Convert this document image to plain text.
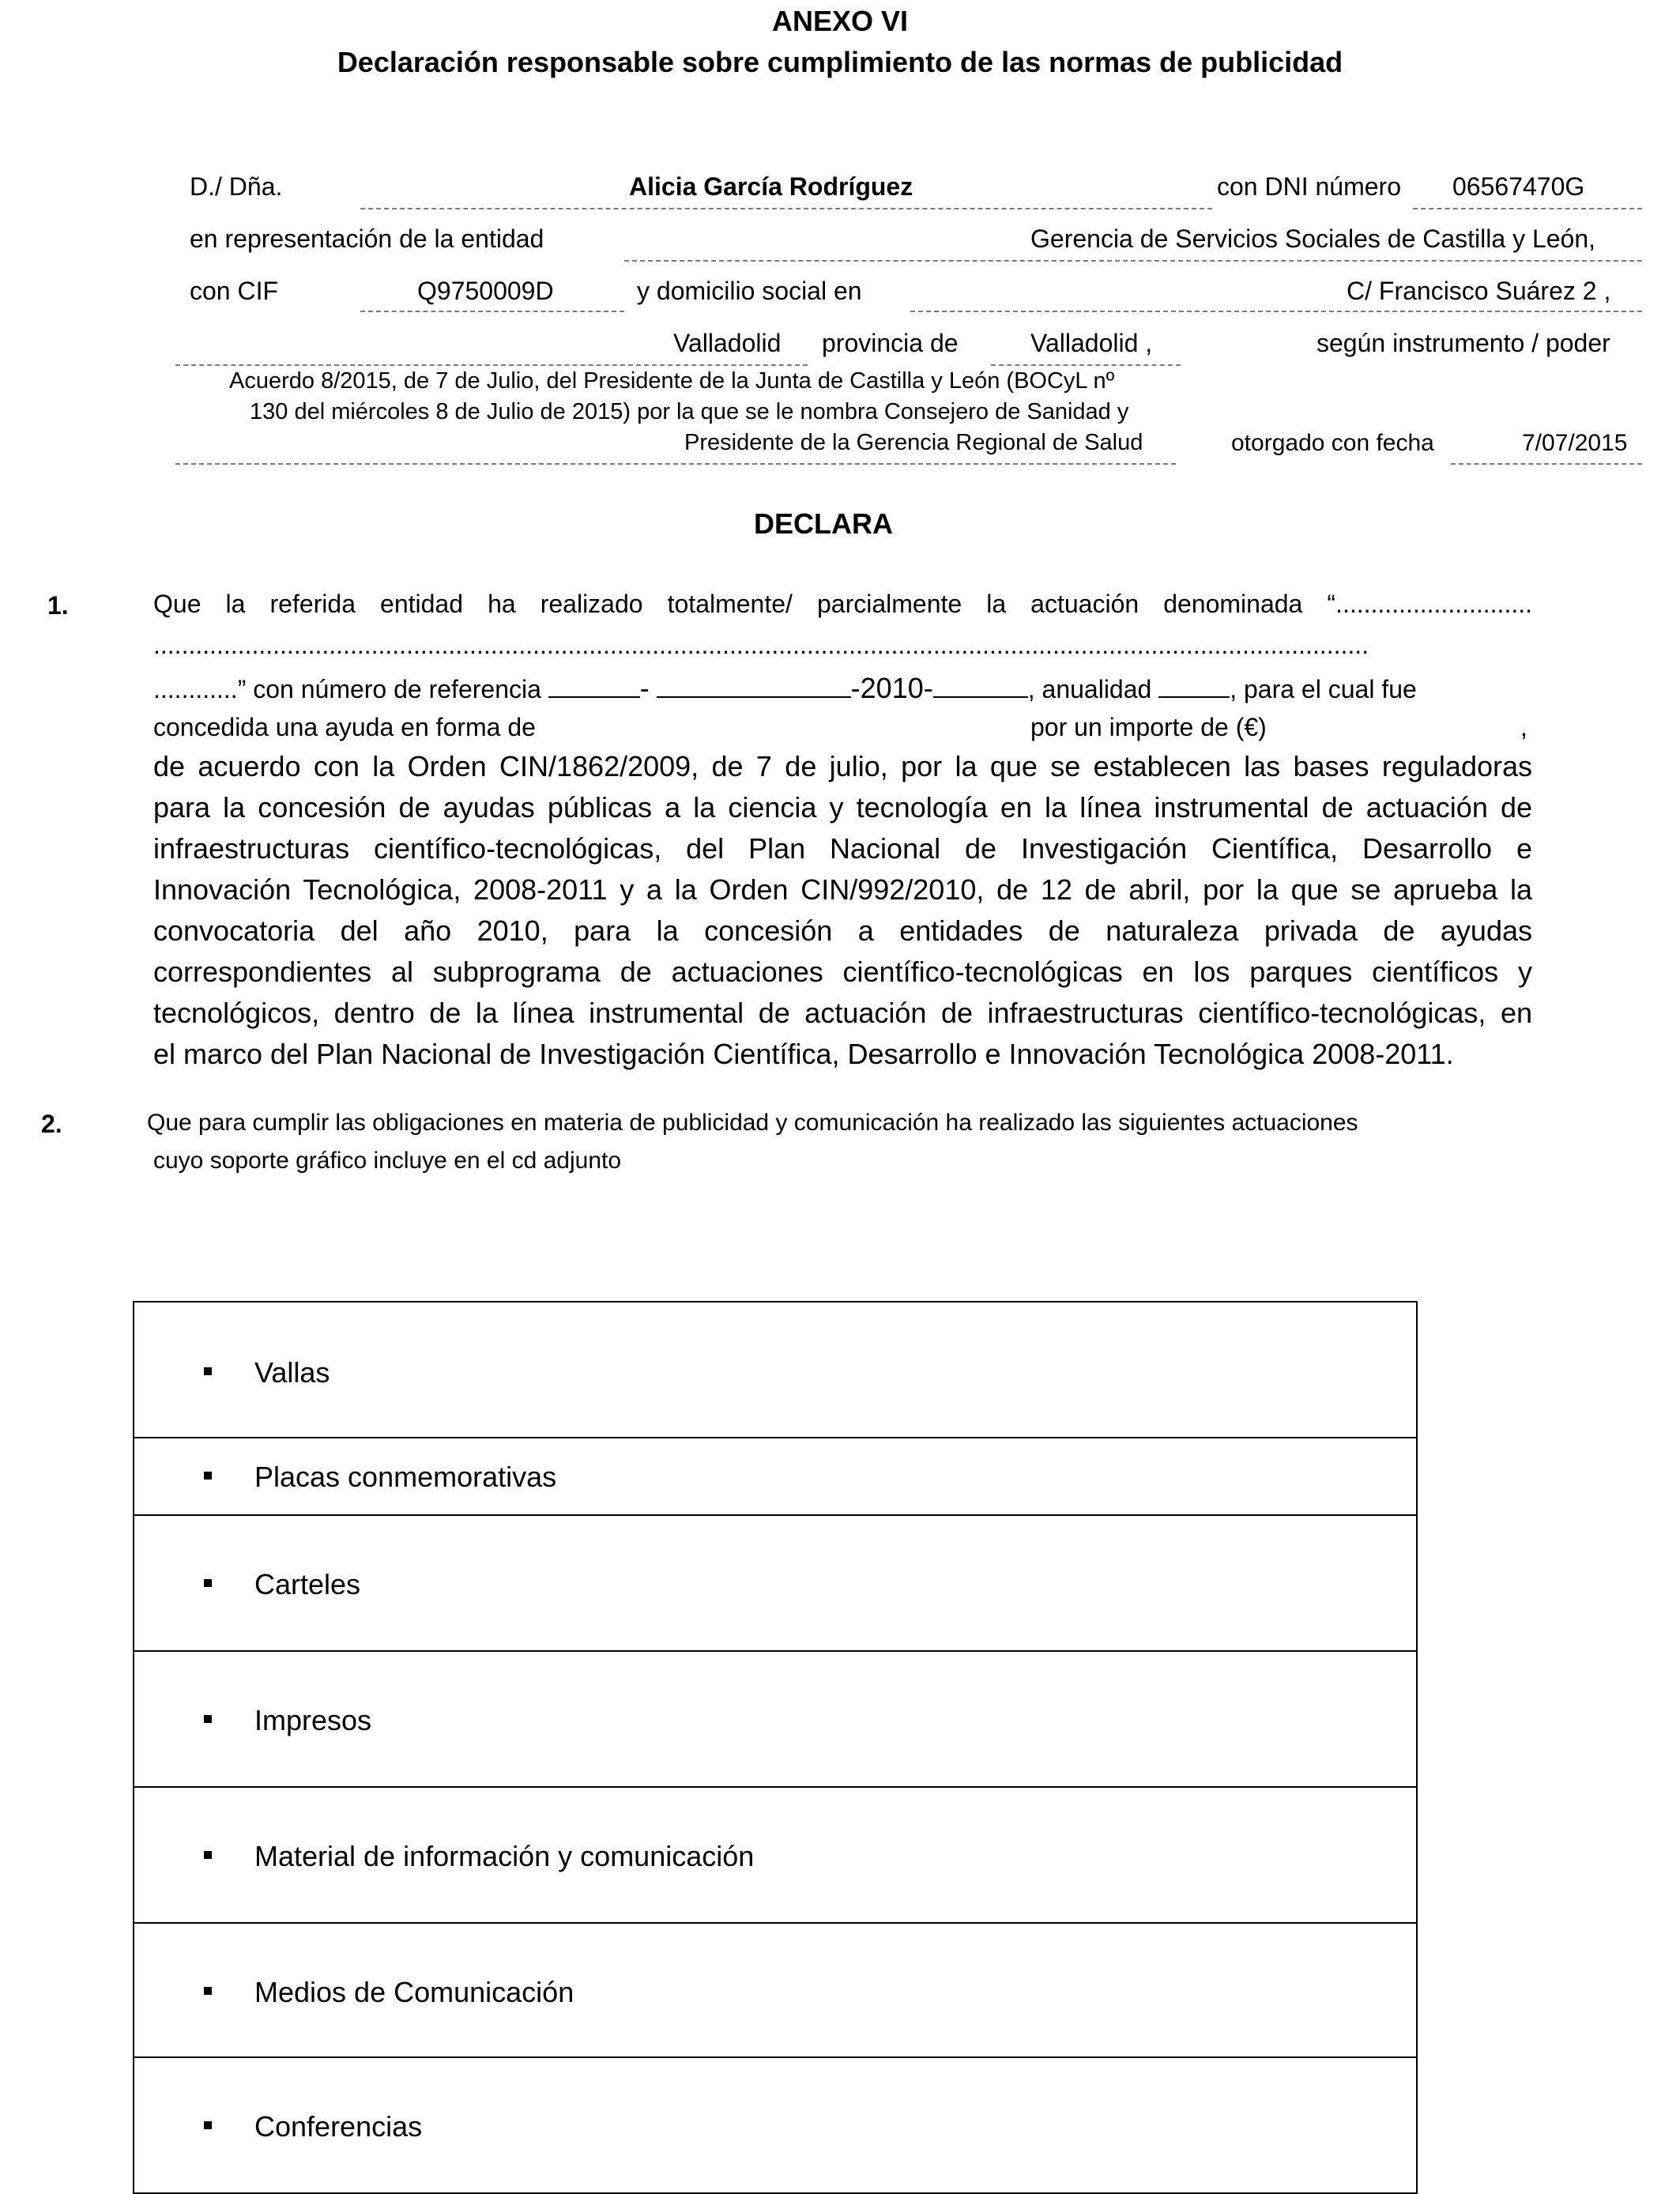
ANEXO VI
Declaración responsable sobre cumplimiento de las normas de publicidad
D./ Dña.	Alicia García Rodríguez	con DNI número 06567470G
en representación de la entidad	Gerencia de Servicios Sociales de Castilla y León,
con CIF	Q9750009D	y domicilio social en	C/ Francisco Suárez 2 ,
Valladolid provincia de	Valladolid ,	según instrumento / poder
Acuerdo 8/2015, de 7 de Julio, del Presidente de la Junta de Castilla y León (BOCyL nº
130 del miércoles 8 de Julio de 2015) por la que se le nombra Consejero de Sanidad y
Presidente de la Gerencia Regional de Salud	otorgado con fecha	7/07/2015
DECLARA
1.	Que la referida entidad ha realizado totalmente/ parcialmente la actuación denominada “............................
.............................................................................................................................................................................
............” con número de referencia	-	-2010-	, anualidad	, para el cual fue
concedida una ayuda en forma de	por un importe de (€)	,
de acuerdo con la Orden CIN/1862/2009, de 7 de julio, por la que se establecen las bases reguladoras
para la concesión de ayudas públicas a la ciencia y tecnología en la línea instrumental de actuación de
infraestructuras científico-tecnológicas, del Plan Nacional de Investigación Científica, Desarrollo e
Innovación Tecnológica, 2008-2011 y a la Orden CIN/992/2010, de 12 de abril, por la que se aprueba la
convocatoria del año 2010, para la concesión a entidades de naturaleza privada de ayudas
correspondientes al subprograma de actuaciones científico-tecnológicas en los parques científicos y
tecnológicos, dentro de la línea instrumental de actuación de infraestructuras científico-tecnológicas, en
el marco del Plan Nacional de Investigación Científica, Desarrollo e Innovación Tecnológica 2008-2011.
2.	Que para cumplir las obligaciones en materia de publicidad y comunicación ha realizado las siguientes actuaciones
cuyo soporte gráfico incluye en el cd adjunto
Vallas

Placas conmemorativas

Carteles

Impresos

Material de información y comunicación

Medios de Comunicación

Conferencias
